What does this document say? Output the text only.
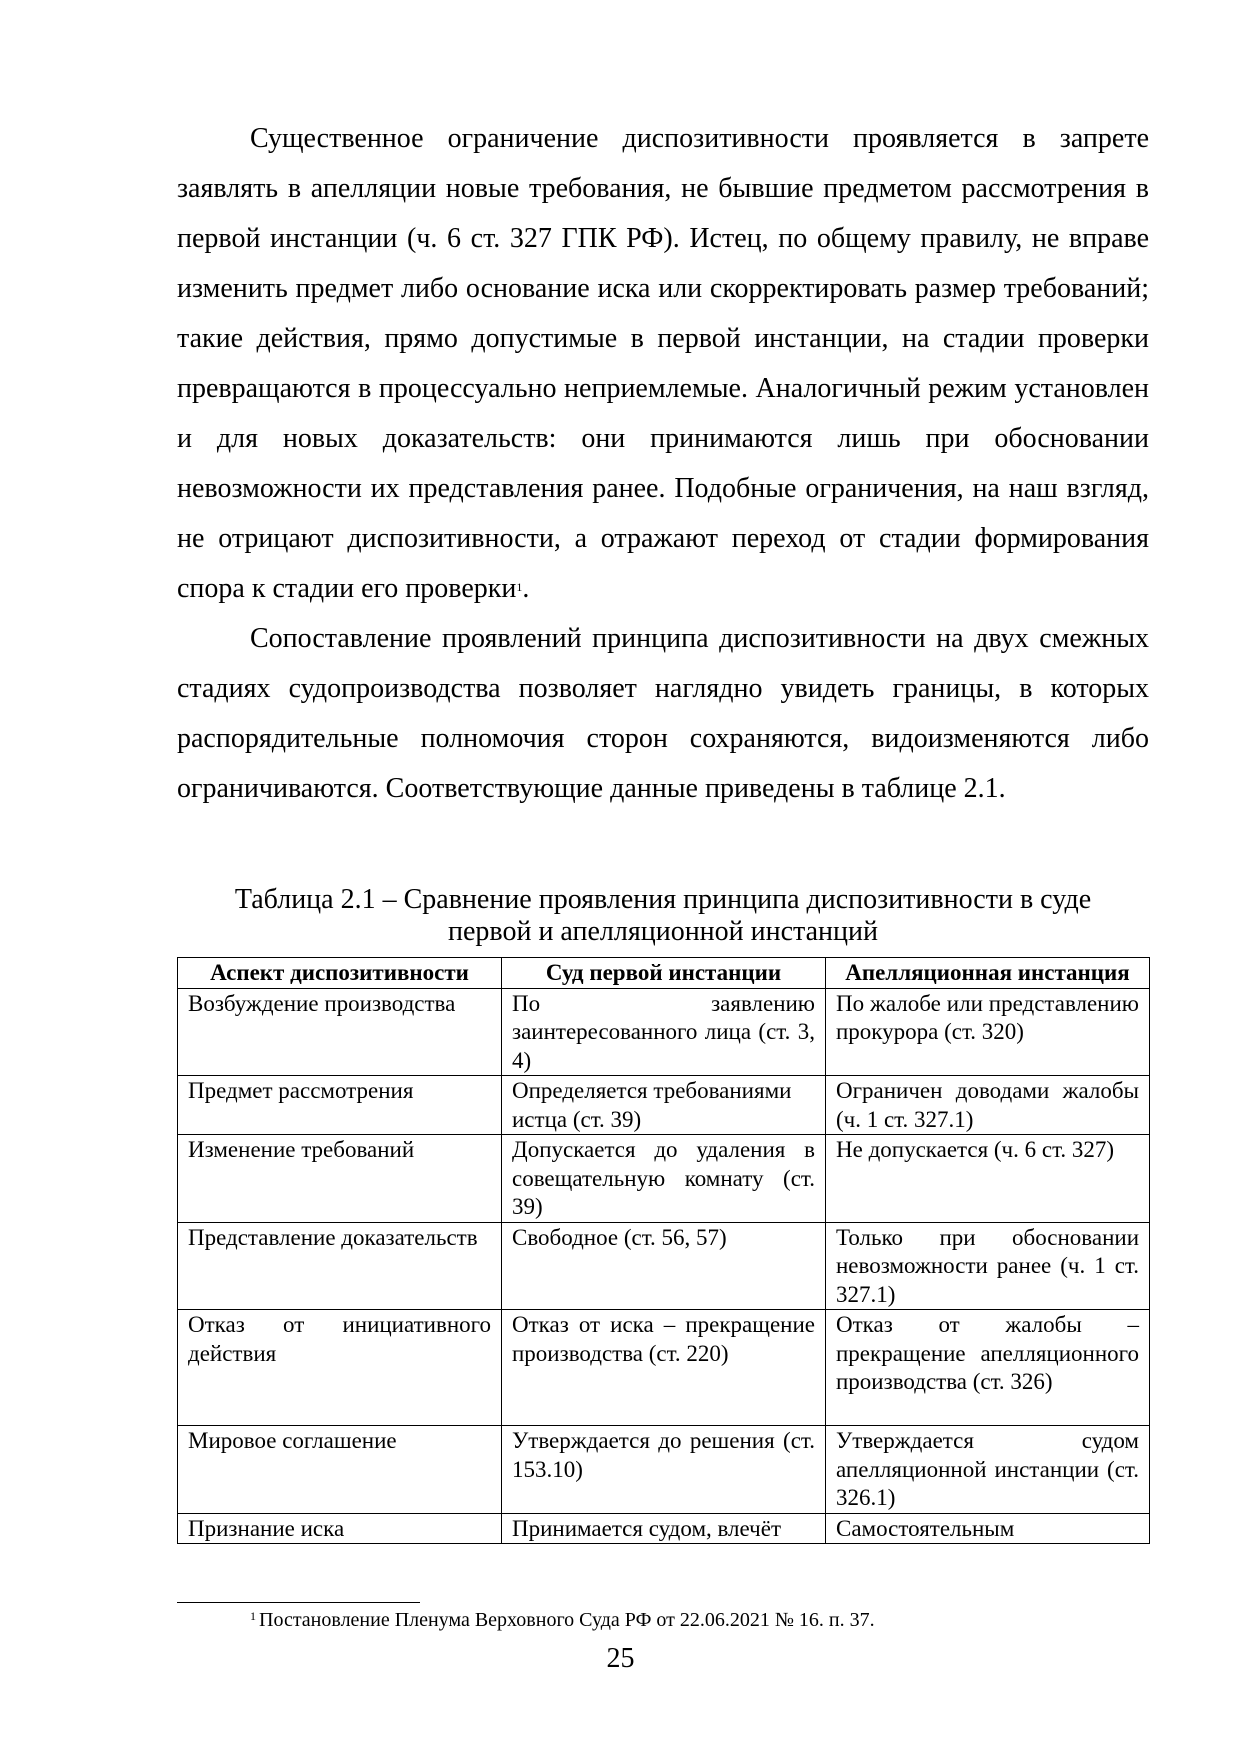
Существенное ограничение диспозитивности проявляется в запрете заявлять в апелляции новые требования, не бывшие предметом рассмотрения в первой инстанции (ч. 6 ст. 327 ГПК РФ). Истец, по общему правилу, не вправе изменить предмет либо основание иска или скорректировать размер требований; такие действия, прямо допустимые в первой инстанции, на стадии проверки превращаются в процессуально неприемлемые. Аналогичный режим установлен и для новых доказательств: они принимаются лишь при обосновании невозможности их представления ранее. Подобные ограничения, на наш взгляд, не отрицают диспозитивности, а отражают переход от стадии формирования спора к стадии его проверки$^1$.

Сопоставление проявлений принципа диспозитивности на двух смежных стадиях судопроизводства позволяет наглядно увидеть границы, в которых распорядительные полномочия сторон сохраняются, видоизменяются либо ограничиваются. Соответствующие данные приведены в таблице 2.1.

Таблица 2.1 – Сравнение проявления принципа диспозитивности в суде
первой и апелляционной инстанций
Аспект диспозитивности	Суд первой инстанции	Апелляционная инстанция
Возбуждение производства	По заявлению заинтересованного лица (ст. 3, 4)	По жалобе или представлению прокурора (ст. 320)
Предмет рассмотрения	Определяется требованиями истца (ст. 39)	Ограничен доводами жалобы (ч. 1 ст. 327.1)
Изменение требований	Допускается до удаления в совещательную комнату (ст. 39)	Не допускается (ч. 6 ст. 327)
Представление доказательств	Свободное (ст. 56, 57)	Только при обосновании невозможности ранее (ч. 1 ст. 327.1)
Отказ от инициативного действия	Отказ от иска – прекращение производства (ст. 220)	Отказ от жалобы – прекращение апелляционного производства (ст. 326)
Мировое соглашение	Утверждается до решения (ст. 153.10)	Утверждается судом апелляционной инстанции (ст. 326.1)
Признание иска	Принимается судом, влечёт	Самостоятельным
$^1$ Постановление Пленума Верховного Суда РФ от 22.06.2021 № 16. п. 37.
25
